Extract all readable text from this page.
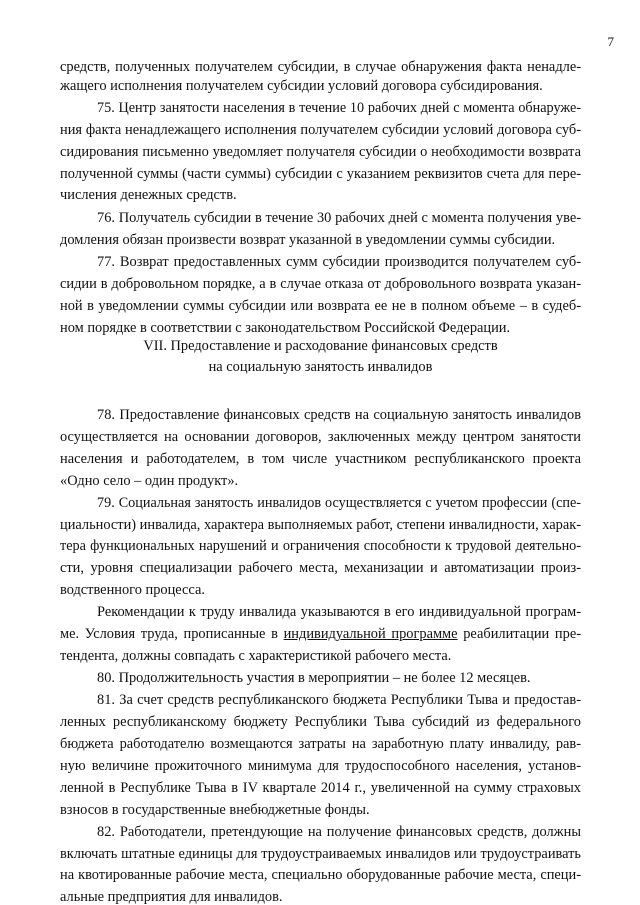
7
средств, полученных получателем субсидии, в случае обнаружения факта ненадле-
жащего исполнения получателем субсидии условий договора субсидирования.
75. Центр занятости населения в течение 10 рабочих дней с момента обнаруже-
ния факта ненадлежащего исполнения получателем субсидии условий договора суб-
сидирования письменно уведомляет получателя субсидии о необходимости возврата
полученной суммы (части суммы) субсидии с указанием реквизитов счета для пере-
числения денежных средств.
76. Получатель субсидии в течение 30 рабочих дней с момента получения уве-
домления обязан произвести возврат указанной в уведомлении суммы субсидии.
77. Возврат предоставленных сумм субсидии производится получателем суб-
сидии в добровольном порядке, а в случае отказа от добровольного возврата указан-
ной в уведомлении суммы субсидии или возврата ее не в полном объеме – в судеб-
ном порядке в соответствии с законодательством Российской Федерации.
VII. Предоставление и расходование финансовых средств
на социальную занятость инвалидов
78. Предоставление финансовых средств на социальную занятость инвалидов
осуществляется на основании договоров, заключенных между центром занятости
населения и работодателем, в том числе участником республиканского проекта
«Одно село – один продукт».
79. Социальная занятость инвалидов осуществляется с учетом профессии (спе-
циальности) инвалида, характера выполняемых работ, степени инвалидности, харак-
тера функциональных нарушений и ограничения способности к трудовой деятельно-
сти, уровня специализации рабочего места, механизации и автоматизации произ-
водственного процесса.
Рекомендации к труду инвалида указываются в его индивидуальной програм-
ме. Условия труда, прописанные в индивидуальной программе реабилитации пре-
тендента, должны совпадать с характеристикой рабочего места.
80. Продолжительность участия в мероприятии – не более 12 месяцев.
81. За счет средств республиканского бюджета Республики Тыва и предостав-
ленных республиканскому бюджету Республики Тыва субсидий из федерального
бюджета работодателю возмещаются затраты на заработную плату инвалиду, рав-
ную величине прожиточного минимума для трудоспособного населения, установ-
ленной в Республике Тыва в IV квартале 2014 г., увеличенной на сумму страховых
взносов в государственные внебюджетные фонды.
82. Работодатели, претендующие на получение финансовых средств, должны
включать штатные единицы для трудоустраиваемых инвалидов или трудоустраивать
на квотированные рабочие места, специально оборудованные рабочие места, специ-
альные предприятия для инвалидов.
